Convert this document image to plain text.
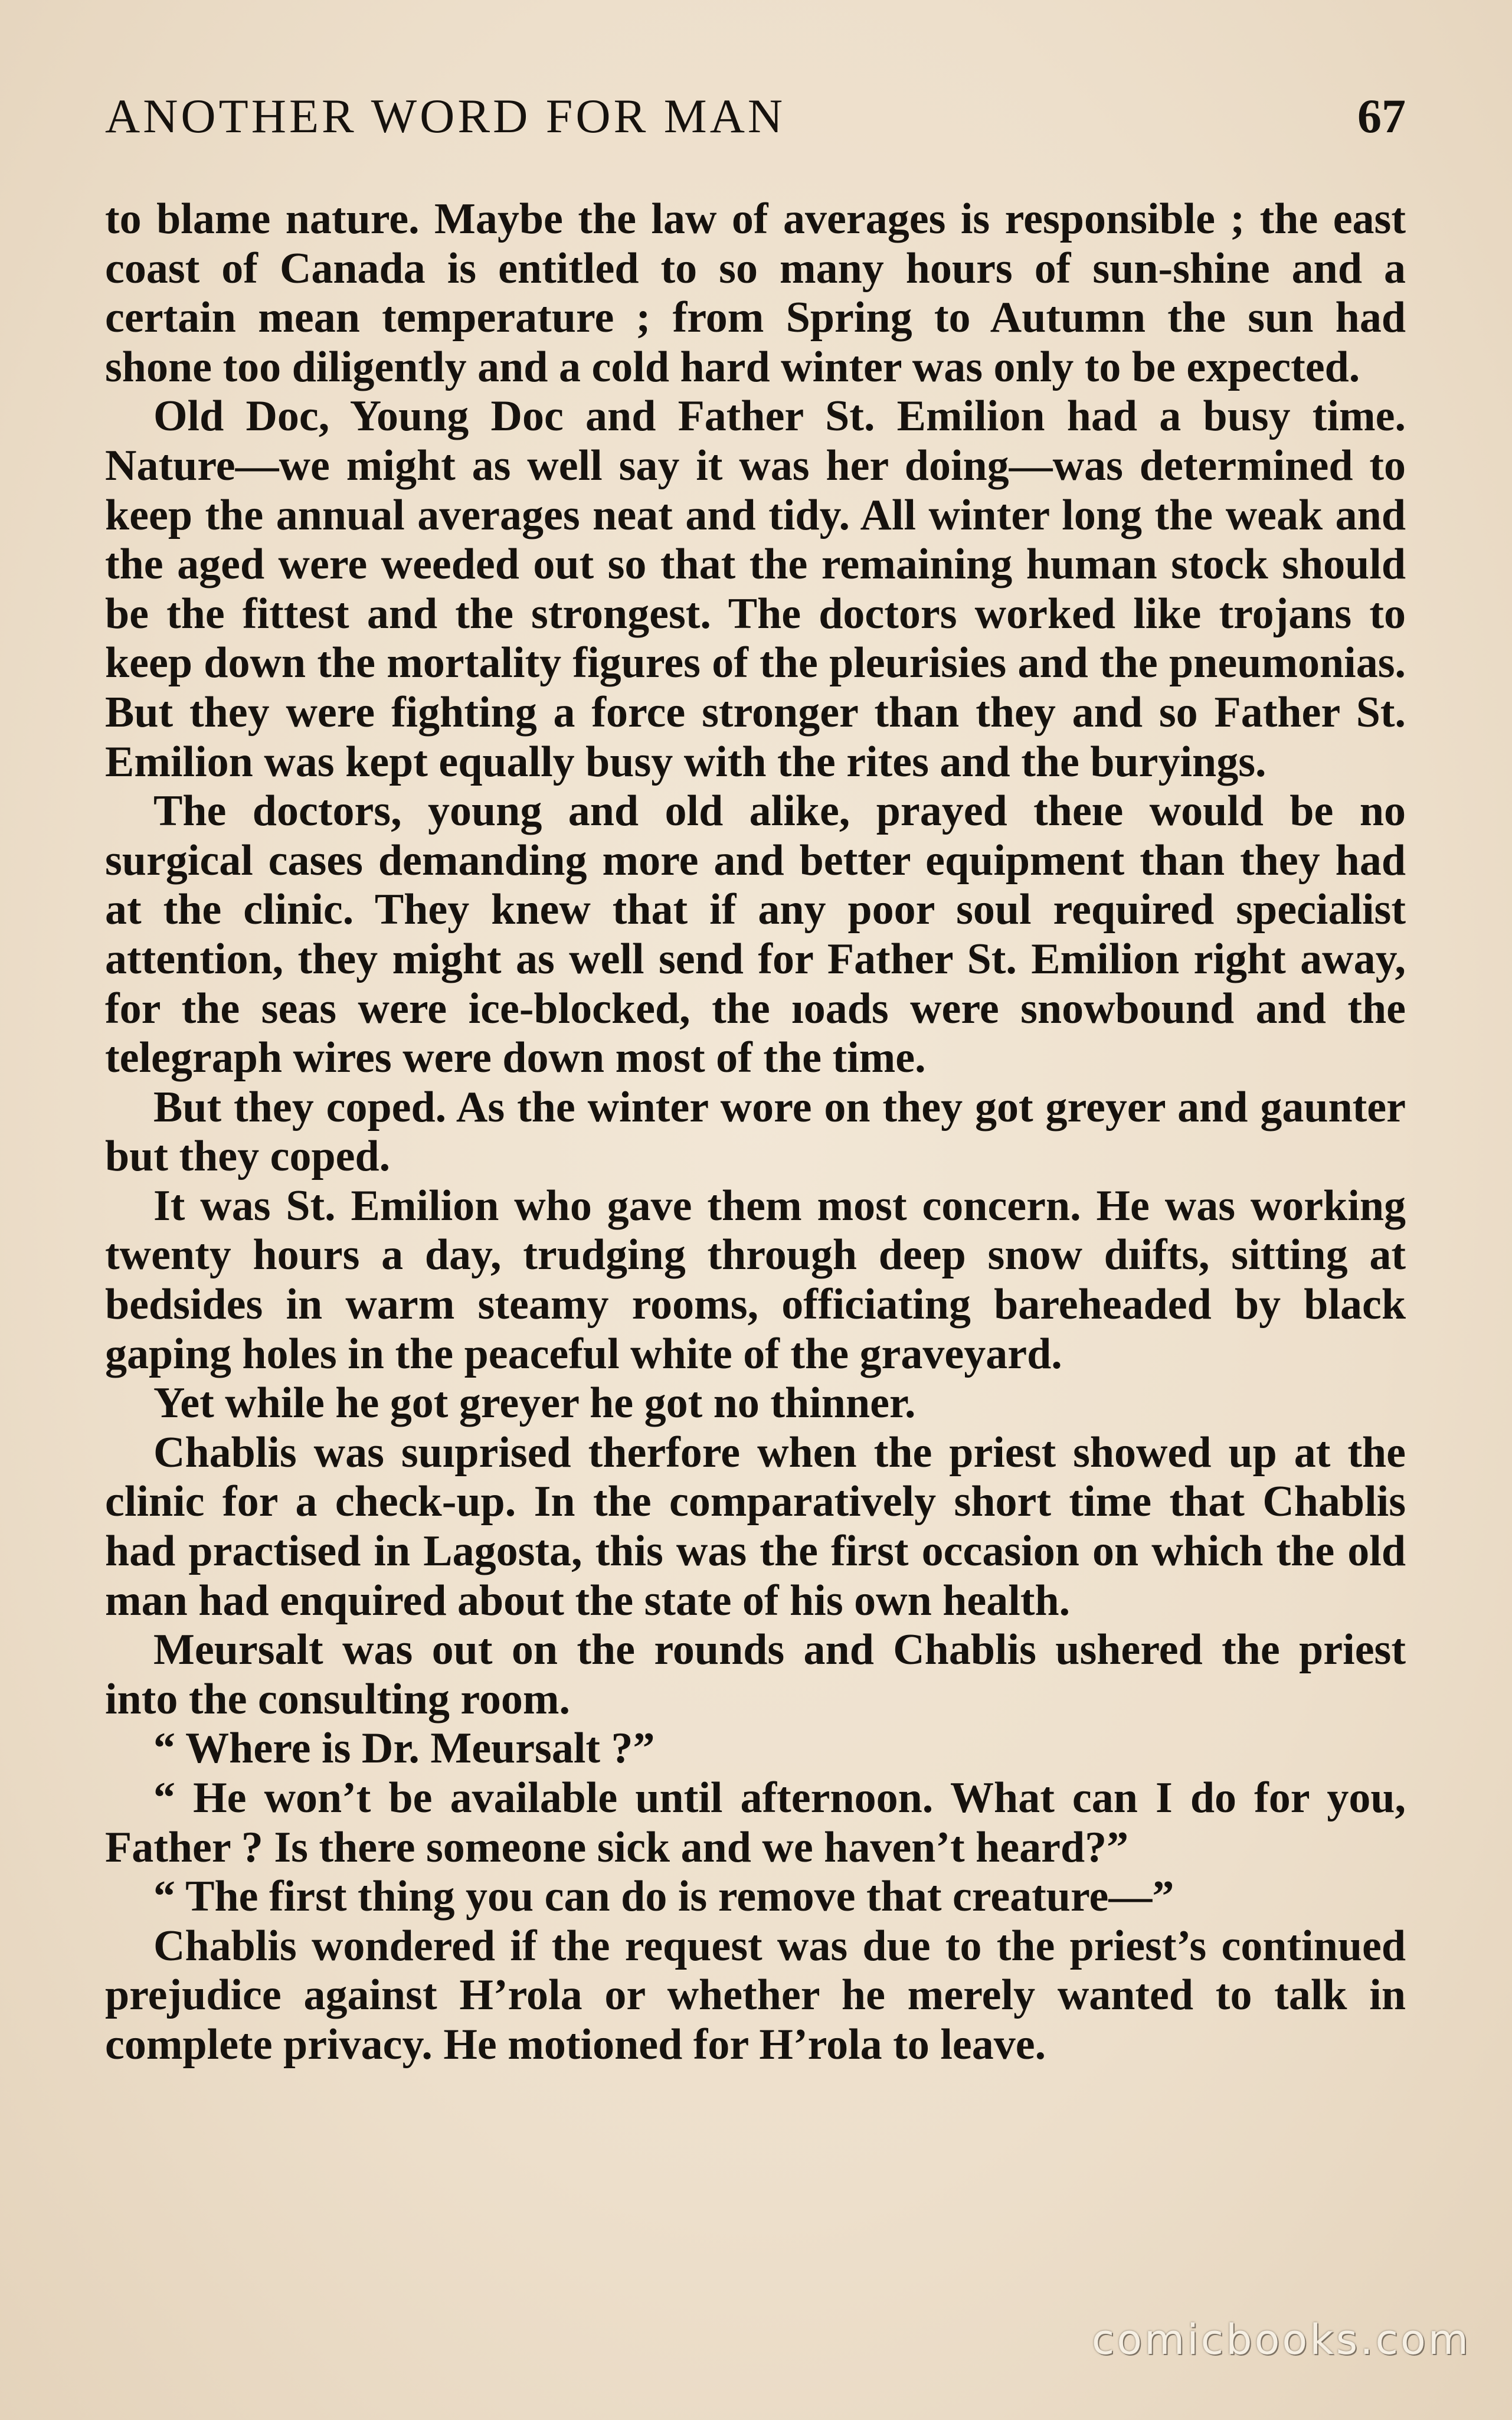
ANOTHER WORD FOR MAN	67

to blame nature. Maybe the law of averages is responsible ; the east coast of Canada is entitled to so many hours of sun-shine and a certain mean temperature ; from Spring to Autumn the sun had shone too diligently and a cold hard winter was only to be expected.

Old Doc, Young Doc and Father St. Emilion had a busy time. Nature—we might as well say it was her doing—was determined to keep the annual averages neat and tidy. All winter long the weak and the aged were weeded out so that the remaining human stock should be the fittest and the strongest. The doctors worked like trojans to keep down the mortality figures of the pleurisies and the pneumonias. But they were fighting a force stronger than they and so Father St. Emilion was kept equally busy with the rites and the buryings.

The doctors, young and old alike, prayed theıe would be no surgical cases demanding more and better equipment than they had at the clinic. They knew that if any poor soul required specialist attention, they might as well send for Father St. Emilion right away, for the seas were ice-blocked, the ıoads were snowbound and the telegraph wires were down most of the time.

But they coped. As the winter wore on they got greyer and gaunter but they coped.

It was St. Emilion who gave them most concern. He was working twenty hours a day, trudging through deep snow dıifts, sitting at bedsides in warm steamy rooms, officiating bareheaded by black gaping holes in the peaceful white of the graveyard.

Yet while he got greyer he got no thinner.

Chablis was suıprised therfore when the priest showed up at the clinic for a check-up. In the comparatively short time that Chablis had practised in Lagosta, this was the first occasion on which the old man had enquired about the state of his own health.

Meursalt was out on the rounds and Chablis ushered the priest into the consulting room.

“ Where is Dr. Meursalt ?”

“ He won’t be available until afternoon. What can I do for you, Father ? Is there someone sick and we haven’t heard?”

“ The first thing you can do is remove that creature—”

Chablis wondered if the request was due to the priest’s continued prejudice against H’rola or whether he merely wanted to talk in complete privacy. He motioned for H’rola to leave.

comicbooks.com
